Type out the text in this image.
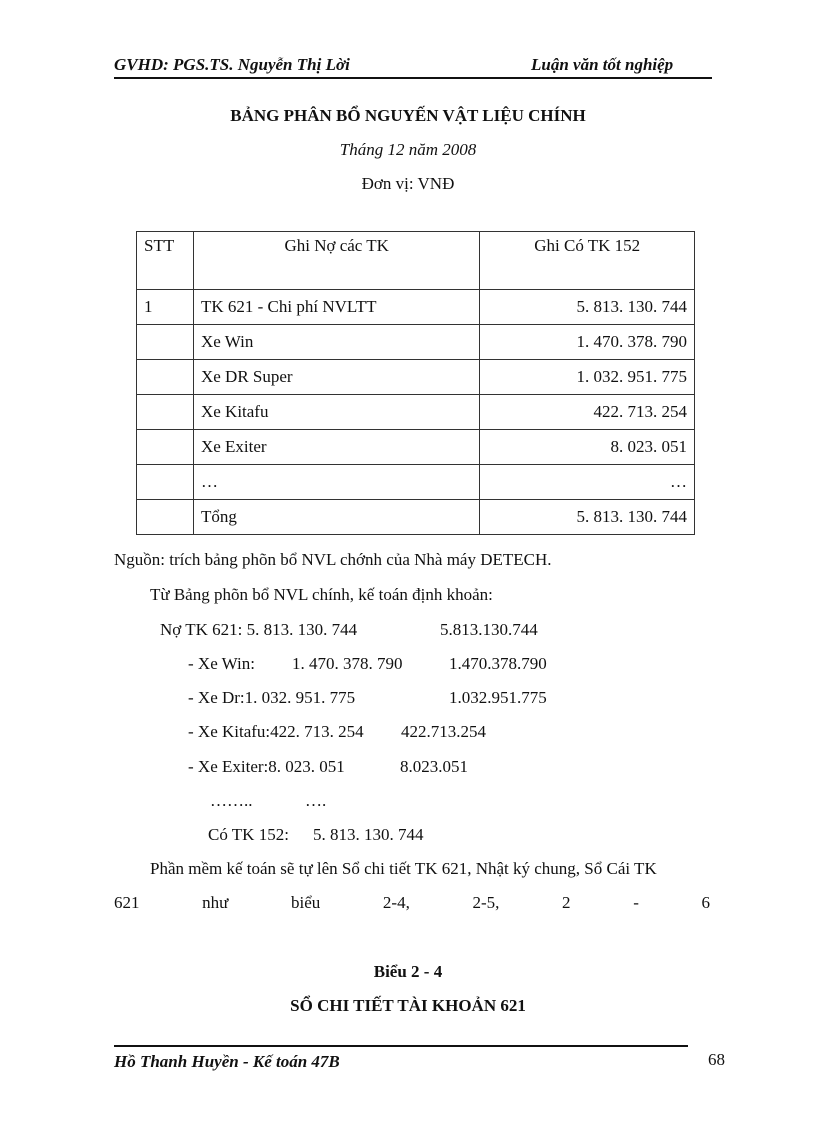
GVHD: PGS.TS. Nguyễn Thị Lời	Luận văn tốt nghiệp
BẢNG PHÂN BỔ NGUYẾN VẬT LIỆU CHÍNH
Tháng 12 năm 2008
Đơn vị: VNĐ
STT	Ghi Nợ các TK	Ghi Có TK 152
1	TK 621 - Chi phí NVLTT	5. 813. 130. 744
	Xe Win	1. 470. 378. 790
	Xe DR Super	1. 032. 951. 775
	Xe Kitafu	422. 713. 254
	Xe Exiter	8. 023. 051
	…	…
	Tổng	5. 813. 130. 744
Nguồn: trích bảng phõn bổ NVL chớnh của Nhà máy DETECH.
Từ Bảng phõn bổ NVL chính, kế toán định khoản:
Nợ TK 621: 5. 813. 130. 744	5.813.130.744
- Xe Win: 1. 470. 378. 790	1.470.378.790
- Xe Dr:1. 032. 951. 775	1.032.951.775
- Xe Kitafu:422. 713. 254 422.713.254
- Xe Exiter:8. 023. 051	8.023.051
……..	….
Có TK 152: 5. 813. 130. 744
Phần mềm kế toán sẽ tự lên Sổ chi tiết TK 621, Nhật ký chung, Sổ Cái TK
621	như	biểu	2-4,	2-5,	2	-	6
Biểu 2 - 4
SỔ CHI TIẾT TÀI KHOẢN 621
Hồ Thanh Huyền - Kế toán 47B	68
